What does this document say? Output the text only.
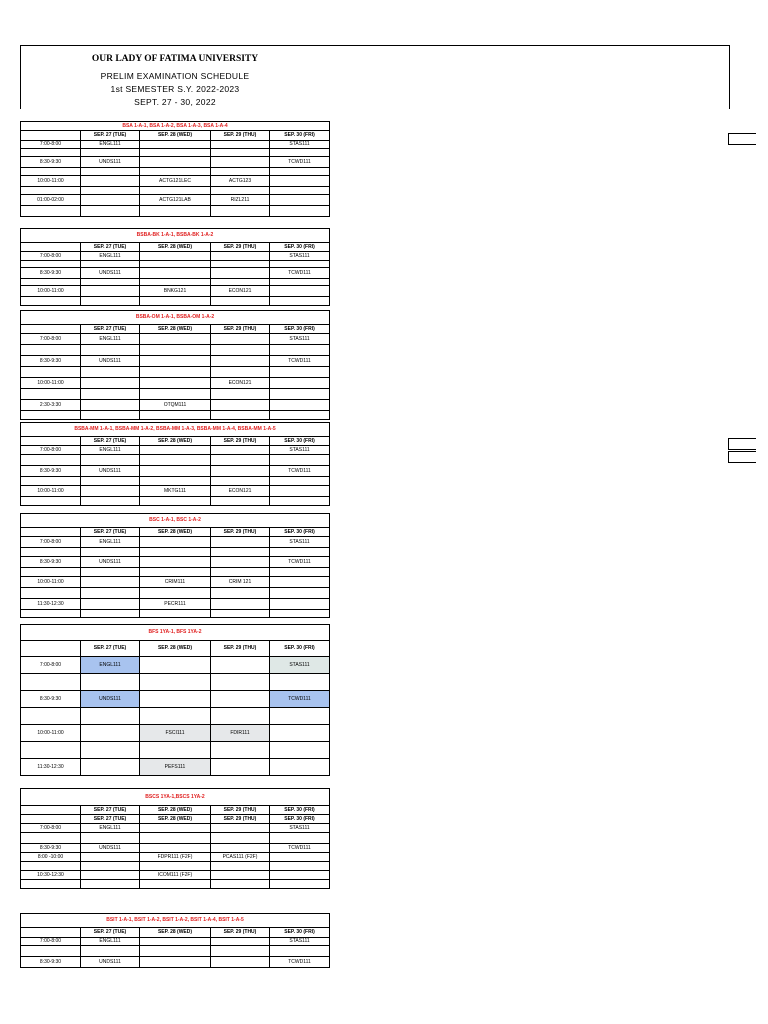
OUR LADY OF FATIMA UNIVERSITY
PRELIM EXAMINATION SCHEDULE
1st SEMESTER S.Y. 2022-2023
SEPT. 27 - 30, 2022
BSA 1-A-1, BSA 1-A-2, BSA 1-A-3, BSA 1-A-4				
	SEP. 27 (TUE)	SEP. 28 (WED)	SEP. 29 (THU)	SEP. 30 (FRI)
7:00-8:00	ENGL111			STAS111

8:30-9:30	UNDS111			TCWD111

10:00-11:00		ACTG121LEC	ACTG123	

01:00-02:00		ACTG121LAB	RIZL211	

BSBA-BK 1-A-1, BSBA-BK 1-A-2				
	SEP. 27 (TUE)	SEP. 28 (WED)	SEP. 29 (THU)	SEP. 30 (FRI)
7:00-8:00	ENGL111			STAS111

8:30-9:30	UNDS111			TCWD111

10:00-11:00		BNKG121	ECON121	

BSBA-OM 1-A-1, BSBA-OM 1-A-2				
	SEP. 27 (TUE)	SEP. 28 (WED)	SEP. 29 (THU)	SEP. 30 (FRI)
7:00-8:00	ENGL111			STAS111

8:30-9:30	UNDS111			TCWD111

10:00-11:00			ECON121	

2:30-3:30		OTQM111		

BSBA-MM 1-A-1, BSBA-MM 1-A-2, BSBA-MM 1-A-3, BSBA-MM 1-A-4, BSBA-MM 1-A-5				
	SEP. 27 (TUE)	SEP. 28 (WED)	SEP. 29 (THU)	SEP. 30 (FRI)
7:00-8:00	ENGL111			STAS111

8:30-9:30	UNDS111			TCWD111

10:00-11:00		MKTG111	ECON121	

BSC 1-A-1, BSC 1-A-2				
	SEP. 27 (TUE)	SEP. 28 (WED)	SEP. 29 (THU)	SEP. 30 (FRI)
7:00-8:00	ENGL111			STAS111

8:30-9:30	UNDS111			TCWD111

10:00-11:00		CRIM111	CRIM 121	

11:30-12:30		PECR111		

BFS 1YA-1, BFS 1YA-2				
	SEP. 27 (TUE)	SEP. 28 (WED)	SEP. 29 (THU)	SEP. 30 (FRI)
7:00-8:00	ENGL111			STAS111

8:30-9:30	UNDS111			TCWD111

10:00-11:00		FSCI111	FDIR111	

11:30-12:30		PEFS111		
BSCS 1YA-1,BSCS 1YA-2				
	SEP. 27 (TUE)	SEP. 28 (WED)	SEP. 29 (THU)	SEP. 30 (FRI)
	SEP. 27 (TUE)	SEP. 28 (WED)	SEP. 29 (THU)	SEP. 30 (FRI)
7:00-8:00	ENGL111			STAS111

8:30-9:30	UNDS111			TCWD111
8:00 -10:00		FDPR111 (F2F)	PCAS111 (F2F)	

10:30-12:30		ICOM111 (F2F)		

BSIT 1-A-1, BSIT 1-A-2, BSIT 1-A-2, BSIT 1-A-4, BSIT 1-A-5				
	SEP. 27 (TUE)	SEP. 28 (WED)	SEP. 29 (THU)	SEP. 30 (FRI)
7:00-8:00	ENGL111			STAS111

8:30-9:30	UNDS111			TCWD111
